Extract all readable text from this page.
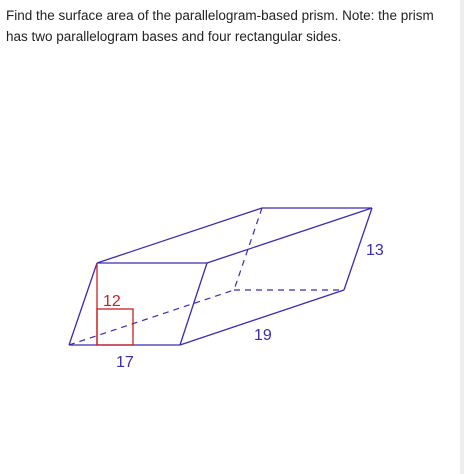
Find the surface area of the parallelogram-based prism. Note: the prism has two parallelogram bases and four rectangular sides.

12
17
19
13
